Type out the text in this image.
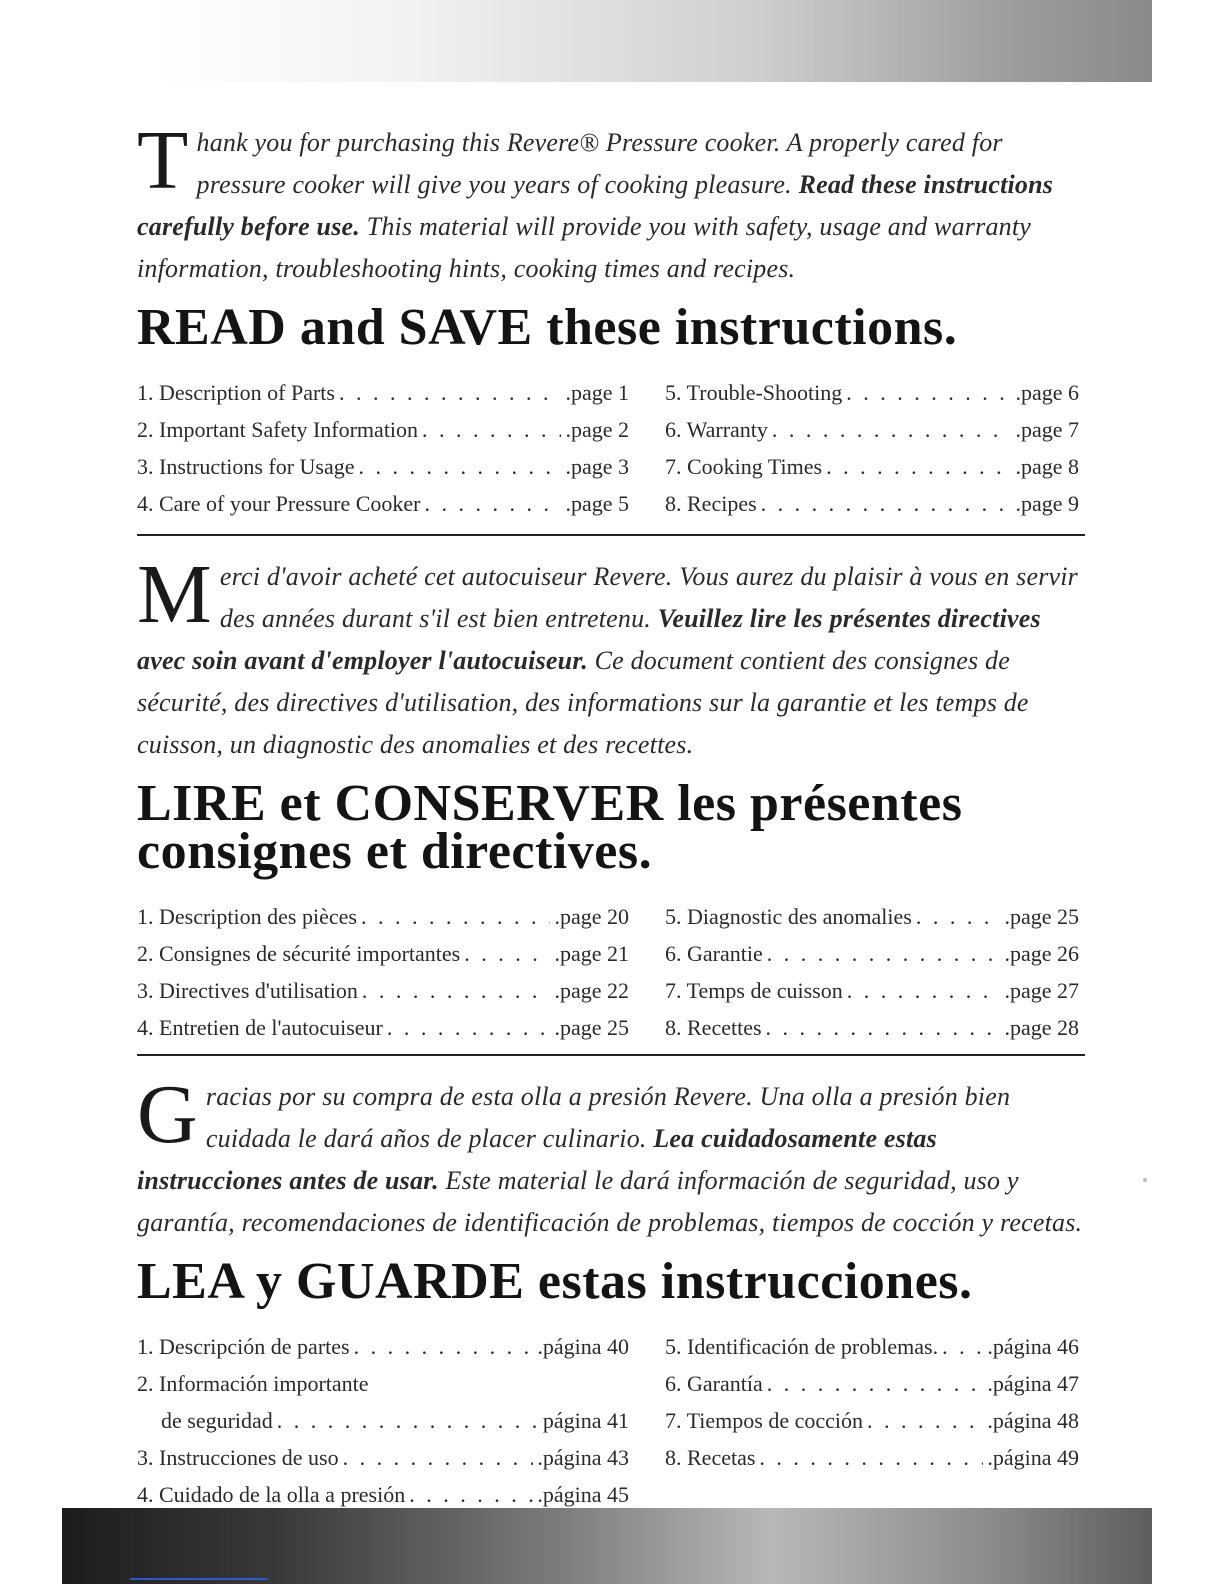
Thank you for purchasing this Revere® Pressure cooker. A properly cared for pressure cooker will give you years of cooking pleasure. Read these instructions carefully before use. This material will provide you with safety, usage and warranty information, troubleshooting hints, cooking times and recipes.
READ and SAVE these instructions.
1. Description of Parts . . .	.page 1
2. Important Safety Information . . .	.page 2
3. Instructions for Usage . . .	.page 3
4. Care of your Pressure Cooker . . .	.page 5
5. Trouble-Shooting . . .	.page 6
6. Warranty . . .	.page 7
7. Cooking Times . . .	.page 8
8. Recipes . . .	.page 9
Merci d'avoir acheté cet autocuiseur Revere. Vous aurez du plaisir à vous en servir des années durant s'il est bien entretenu. Veuillez lire les présentes directives avec soin avant d'employer l'autocuiseur. Ce document contient des consignes de sécurité, des directives d'utilisation, des informations sur la garantie et les temps de cuisson, un diagnostic des anomalies et des recettes.
LIRE et CONSERVER les présentes consignes et directives.
1. Description des pièces . . .	.page 20
2. Consignes de sécurité importantes . . .	.page 21
3. Directives d'utilisation . . .	.page 22
4. Entretien de l'autocuiseur . . .	.page 25
5. Diagnostic des anomalies . . .	.page 25
6. Garantie . . .	.page 26
7. Temps de cuisson . . .	.page 27
8. Recettes . . .	.page 28
Gracias por su compra de esta olla a presión Revere. Una olla a presión bien cuidada le dará años de placer culinario. Lea cuidadosamente estas instrucciones antes de usar. Este material le dará información de seguridad, uso y garantía, recomendaciones de identificación de problemas, tiempos de cocción y recetas.
LEA y GUARDE estas instrucciones.
1. Descripción de partes . . .	.página 40
2. Información importante
de seguridad . . .	página 41
3. Instrucciones de uso . . .	.página 43
4. Cuidado de la olla a presión . . .	.página 45
5. Identificación de problemas. . . . .página 46
6. Garantía . . .	.página 47
7. Tiempos de cocción . . .	.página 48
8. Recetas . . .	.página 49
